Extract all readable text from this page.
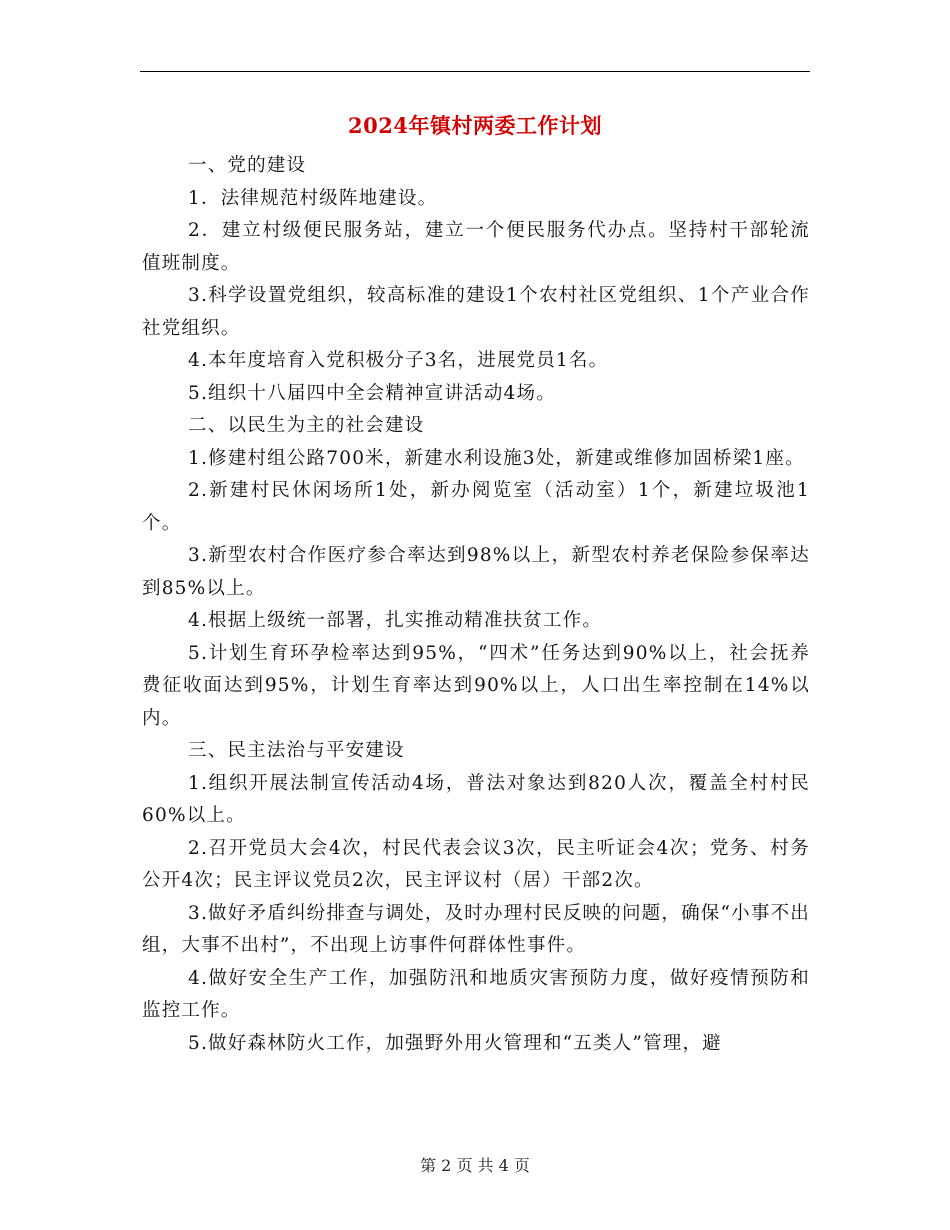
2024年镇村两委工作计划

一、党的建设

1．法律规范村级阵地建设。

2．建立村级便民服务站，建立一个便民服务代办点。坚持村干部轮流值班制度。

3.科学设置党组织，较高标准的建设1个农村社区党组织、1个产业合作社党组织。

4.本年度培育入党积极分子3名，进展党员1名。

5.组织十八届四中全会精神宣讲活动4场。

二、以民生为主的社会建设

1.修建村组公路700米，新建水利设施3处，新建或维修加固桥梁1座。

2.新建村民休闲场所1处，新办阅览室（活动室）1个，新建垃圾池1个。

3.新型农村合作医疗参合率达到98%以上，新型农村养老保险参保率达到85%以上。

4.根据上级统一部署，扎实推动精准扶贫工作。

5.计划生育环孕检率达到95%，“四术”任务达到90%以上，社会抚养费征收面达到95%，计划生育率达到90%以上，人口出生率控制在14%以内。

三、民主法治与平安建设

1.组织开展法制宣传活动4场，普法对象达到820人次，覆盖全村村民60%以上。

2.召开党员大会4次，村民代表会议3次，民主听证会4次；党务、村务公开4次；民主评议党员2次，民主评议村（居）干部2次。

3.做好矛盾纠纷排查与调处，及时办理村民反映的问题，确保“小事不出组，大事不出村”，不出现上访事件何群体性事件。

4.做好安全生产工作，加强防汛和地质灾害预防力度，做好疫情预防和监控工作。

5.做好森林防火工作，加强野外用火管理和“五类人”管理，避

第 2 页 共 4 页
